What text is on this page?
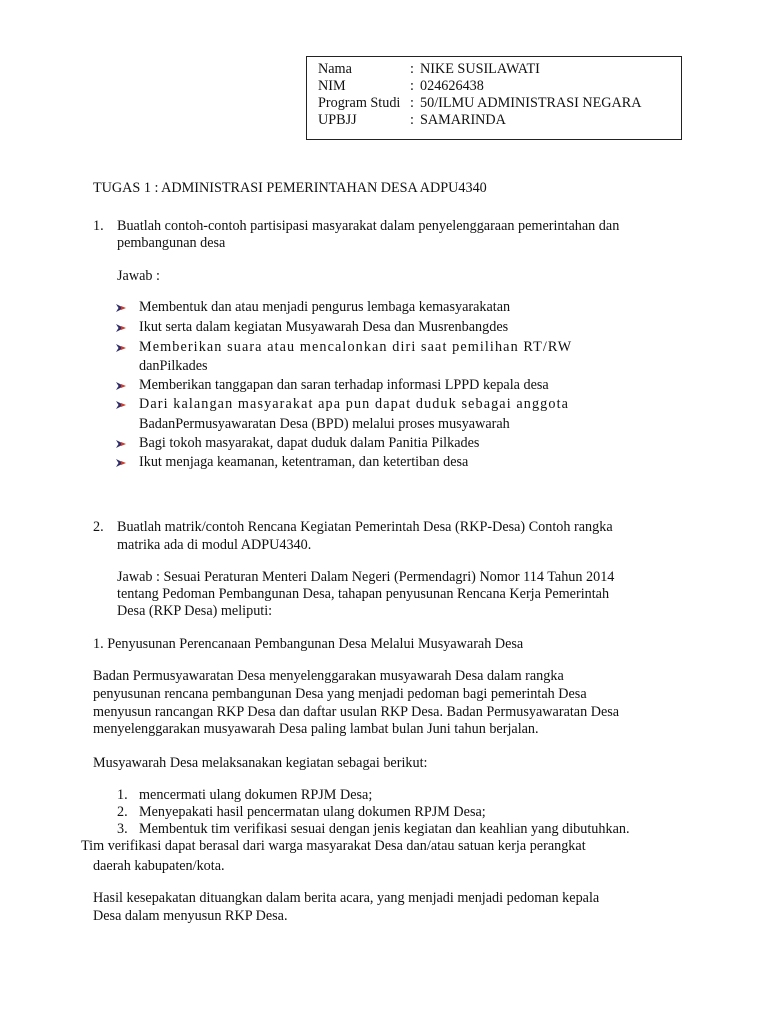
Nama	: NIKE SUSILAWATI
NIM	: 024626438
Program Studi : 50/ILMU ADMINISTRASI NEGARA
UPBJJ	: SAMARINDA
TUGAS 1 : ADMINISTRASI PEMERINTAHAN DESA ADPU4340
1. Buatlah contoh-contoh partisipasi masyarakat dalam penyelenggaraan pemerintahan dan
pembangunan desa
Jawab :
Membentuk dan atau menjadi pengurus lembaga kemasyarakatan
Ikut serta dalam kegiatan Musyawarah Desa dan Musrenbangdes
Memberikan suara atau mencalonkan diri saat pemilihan RT/RW
danPilkades
Memberikan tanggapan dan saran terhadap informasi LPPD kepala desa
Dari kalangan masyarakat apa pun dapat duduk sebagai anggota
BadanPermusyawaratan Desa (BPD) melalui proses musyawarah
Bagi tokoh masyarakat, dapat duduk dalam Panitia Pilkades
Ikut menjaga keamanan, ketentraman, dan ketertiban desa
2. Buatlah matrik/contoh Rencana Kegiatan Pemerintah Desa (RKP-Desa) Contoh rangka
matrika ada di modul ADPU4340.
Jawab : Sesuai Peraturan Menteri Dalam Negeri (Permendagri) Nomor 114 Tahun 2014
tentang Pedoman Pembangunan Desa, tahapan penyusunan Rencana Kerja Pemerintah
Desa (RKP Desa) meliputi:
1. Penyusunan Perencanaan Pembangunan Desa Melalui Musyawarah Desa
Badan Permusyawaratan Desa menyelenggarakan musyawarah Desa dalam rangka
penyusunan rencana pembangunan Desa yang menjadi pedoman bagi pemerintah Desa
menyusun rancangan RKP Desa dan daftar usulan RKP Desa. Badan Permusyawaratan Desa
menyelenggarakan musyawarah Desa paling lambat bulan Juni tahun berjalan.
Musyawarah Desa melaksanakan kegiatan sebagai berikut:
1. mencermati ulang dokumen RPJM Desa;
2. Menyepakati hasil pencermatan ulang dokumen RPJM Desa;
3. Membentuk tim verifikasi sesuai dengan jenis kegiatan dan keahlian yang dibutuhkan.
Tim verifikasi dapat berasal dari warga masyarakat Desa dan/atau satuan kerja perangkat
daerah kabupaten/kota.
Hasil kesepakatan dituangkan dalam berita acara, yang menjadi menjadi pedoman kepala
Desa dalam menyusun RKP Desa.
